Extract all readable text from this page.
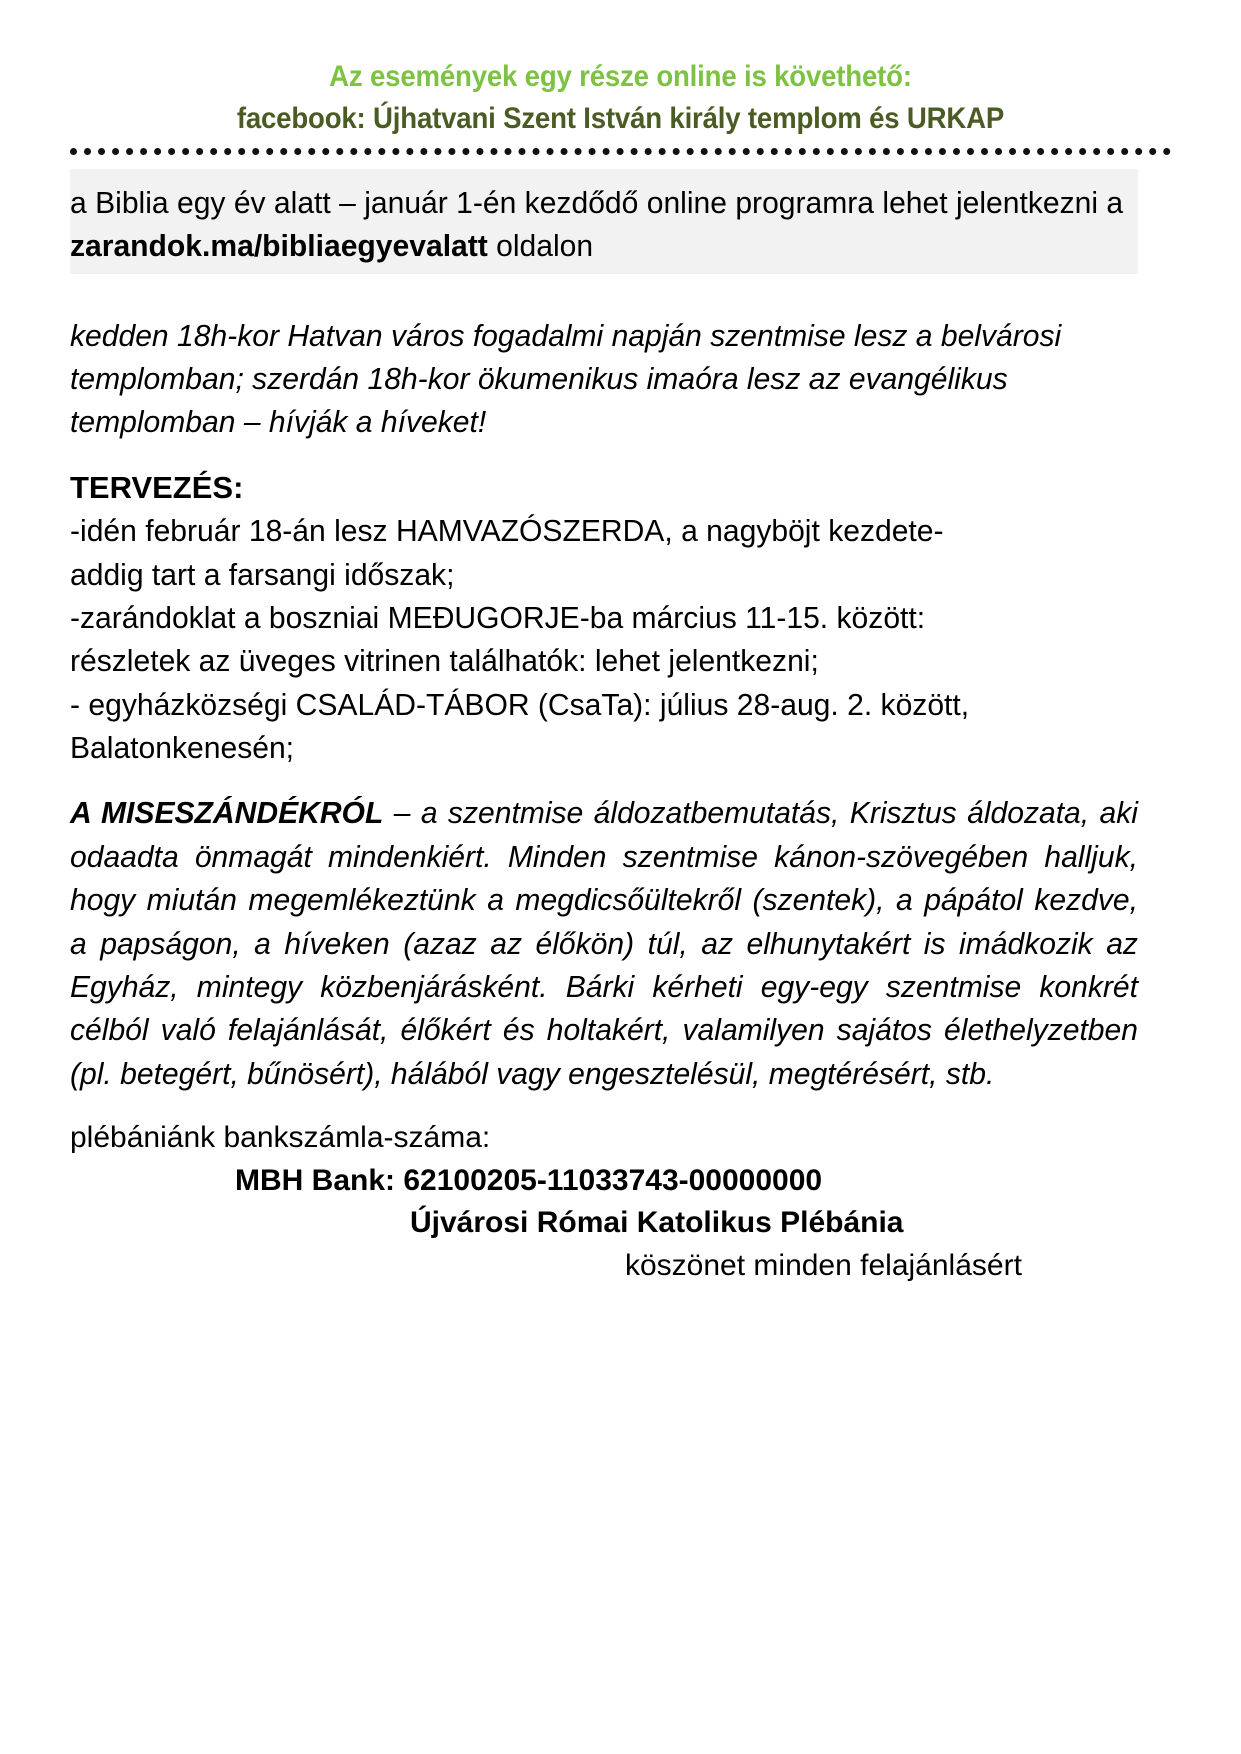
Az események egy része online is követhető:
facebook: Újhatvani Szent István király templom és URKAP
a Biblia egy év alatt – január 1-én kezdődő online programra lehet jelentkezni a zarandok.ma/bibliaegyevalatt oldalon
kedden 18h-kor Hatvan város fogadalmi napján szentmise lesz a belvárosi templomban; szerdán 18h-kor ökumenikus imaóra lesz az evangélikus templomban – hívják a híveket!
TERVEZÉS:
-idén február 18-án lesz HAMVAZÓSZERDA, a nagyböjt kezdete-
addig tart a farsangi időszak;
-zarándoklat a boszniai MEĐUGORJE-ba március 11-15. között:
részletek az üveges vitrinen találhatók: lehet jelentkezni;
- egyházközségi CSALÁD-TÁBOR (CsaTa): július 28-aug. 2. között,
Balatonkenesén;
A MISESZÁNDÉKRÓL – a szentmise áldozatbemutatás, Krisztus áldozata, aki odaadta önmagát mindenkiért. Minden szentmise kánon-szövegében halljuk, hogy miután megemlékeztünk a megdicsőültekről (szentek), a pápátol kezdve, a papságon, a híveken (azaz az élőkön) túl, az elhunytakért is imádkozik az Egyház, mintegy közbenjárásként. Bárki kérheti egy-egy szentmise konkrét célból való felajánlását, élőkért és holtakért, valamilyen sajátos élethelyzetben (pl. betegért, bűnösért), hálából vagy engesztelésül, megtérésért, stb.
plébániánk bankszámla-száma:
MBH Bank: 62100205-11033743-00000000
Újvárosi Római Katolikus Plébánia
köszönet minden felajánlásért
